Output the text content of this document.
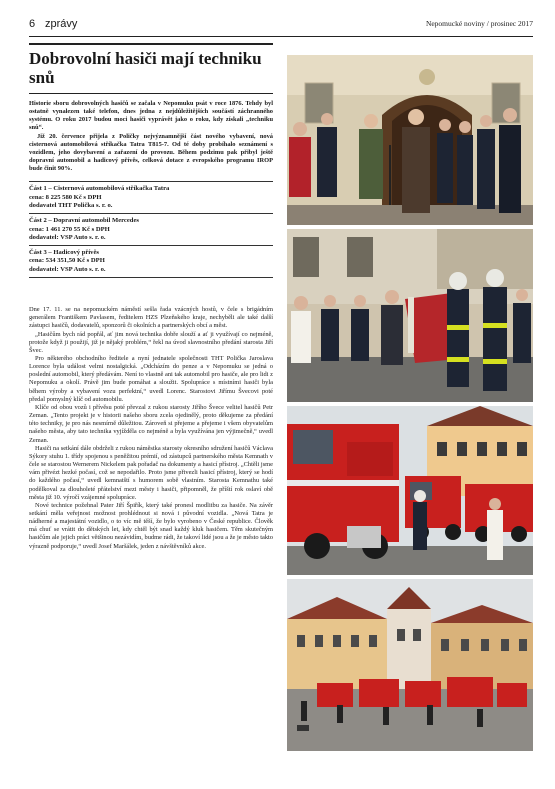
6 zprávy	Nepomucké noviny / prosinec 2017
Dobrovolní hasiči mají techniku snů

Historie sboru dobrovolných hasičů se začala v Nepomuku psát v roce 1876. Tehdy byl ostatně vynalezen také telefon, dnes jedna z nejdůležitějších součástí záchranného systému. O roku 2017 budou moci hasiči vyprávět jako o roku, kdy získali „techniku snů“.

Již 20. července přijela z Poličky nejvýznamnější část nového vybavení, nová cisternová automobilová stříkačka Tatra T815-7. Od té doby probíhalo seznámení s vozidlem, jeho dovybavení a zařazení do provozu. Během podzimu pak přibyl ještě dopravní automobil a hadicový přívěs, celková dotace z evropského programu IROP bude činit 90%.

Část 1 – Cisternová automobilová stříkačka Tatra
cena: 8 225 580 Kč s DPH
dodavatel THT Polička s. r. o.
Část 2 – Dopravní automobil Mercedes
cena: 1 461 270 55 Kč s DPH
dodavatel: VSP Auto s. r. o.
Část 3 – Hadicový přívěs
cena: 534 351,50 Kč s DPH
dodavatel: VSP Auto s. r. o.

Dne 17. 11. se na nepomuckém náměstí sešla řada vzácných hostů, v čele s brigádním generálem Františkem Pavlasem, ředitelem HZS Plzeňského kraje, nechyběli ale také další zástupci hasičů, dodavatelů, sponzorů či okolních a partnerských obcí a měst.

„Hasičům bych rád popřál, ať jim nová technika dobře slouží a ať ji využívají co nejméně, protože když ji použijí, již je nějaký problém,“ řekl na úvod slavnostního předání starosta Jiří Švec.

Pro některého obchodního ředitele a nyní jednatele společnosti THT Polička Jaroslava Lorence byla událost velmi nostalgická. „Odcházím do penze a v Nepomuku se jedná o poslední automobil, který předávám. Není to vlastně ani tak automobil pro hasiče, ale pro lidi z Nepomuku a okolí. Právě jim bude pomáhat a sloužit. Spolupráce s místními hasiči byla během výroby a vybavení vozu perfektní,“ uvedl Lorenc. Starostovi Jiřímu Švecovi poté předal pomyslný klíč od automobilu.

Klíče od obou vozů i přívěsu poté převzal z rukou starosty Jiřího Švece velitel hasičů Petr Zeman. „Tento projekt je v historii našeho sboru zcela ojedinělý, proto děkujeme za předání této techniky, je pro nás nesmírně důležitou. Zároveň si přejeme a přejeme i všem obyvatelům našeho města, aby tato technika vyjížděla co nejméně a byla využívána jen výjimečně,“ uvedl Zeman.

Hasiči na setkání dále obdrželi z rukou náměstka starosty okresního sdružení hasičů Václava Sýkory stuhu 1. třídy spojenou s peněžitou prémií, od zástupců partnerského města Kemnath v čele se starostou Wernerem Nickelem pak pořadač na dokumenty a hasicí přístroj. „Chtěli jsme vám přivézt hezké počasí, což se nepodařilo. Proto jsme přivezli hasicí přístroj, který se hodí do každého počasí,“ uvedl kemnatští s humorem sobě vlastním. Starosta Kemnathu také podělkoval za dlouholeté přátelství mezi městy i hasiči, připomněl, že příští rok oslaví obě města již 10. výročí vzájemné spolupráce.

Nové technice požehnal Pater Jiří Špiřík, který také pronesl modlitbu za hasiče. Na závěr setkání měla veřejnost možnost prohlédnout si nová i původní vozidla. „Nová Tatra je nádherné a majestátní vozidlo, o to víc mě těší, že bylo vyrobeno v České republice. Člověk má chuť se vrátit do dětských let, kdy chtěl být snad každý kluk hasičem. Těm skutečným hasičům ale jejich práci většinou nezávidím, budme rádi, že takoví lidé jsou a že je město takto výrazně podporuje,“ uvedl Josef Maršálek, jeden z návštěvníků akce.
